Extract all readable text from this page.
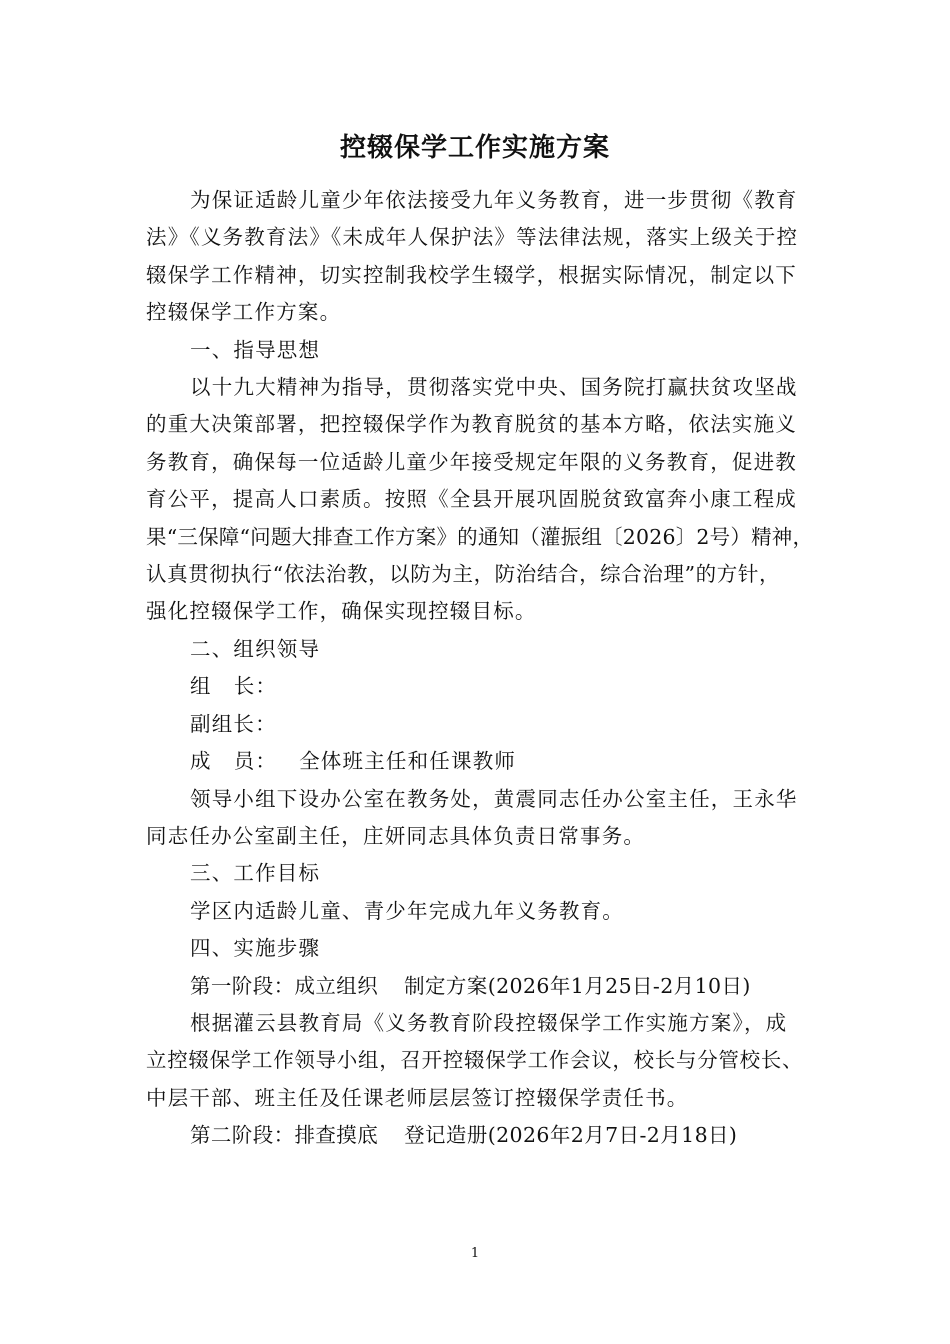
控辍保学工作实施方案

为保证适龄儿童少年依法接受九年义务教育，进一步贯彻《教育

法》《义务教育法》《未成年人保护法》等法律法规，落实上级关于控

辍保学工作精神，切实控制我校学生辍学，根据实际情况，制定以下

控辍保学工作方案。

一、指导思想

以十九大精神为指导，贯彻落实党中央、国务院打赢扶贫攻坚战

的重大决策部署，把控辍保学作为教育脱贫的基本方略，依法实施义

务教育，确保每一位适龄儿童少年接受规定年限的义务教育，促进教

育公平，提高人口素质。按照《全县开展巩固脱贫致富奔小康工程成

果“三保障“问题大排查工作方案》的通知（灌振组〔2026〕2号）精神，

认真贯彻执行“依法治教，以防为主，防治结合，综合治理”的方针，

强化控辍保学工作，确保实现控辍目标。

二、组织领导

组 长：

副组长：

成 员： 全体班主任和任课教师

领导小组下设办公室在教务处，黄震同志任办公室主任，王永华

同志任办公室副主任，庄妍同志具体负责日常事务。

三、工作目标

学区内适龄儿童、青少年完成九年义务教育。

四、实施步骤

第一阶段：成立组织 制定方案(2026年1月25日-2月10日)

根据灌云县教育局《义务教育阶段控辍保学工作实施方案》，成

立控辍保学工作领导小组，召开控辍保学工作会议，校长与分管校长、

中层干部、班主任及任课老师层层签订控辍保学责任书。

第二阶段：排查摸底 登记造册(2026年2月7日-2月18日)

1
